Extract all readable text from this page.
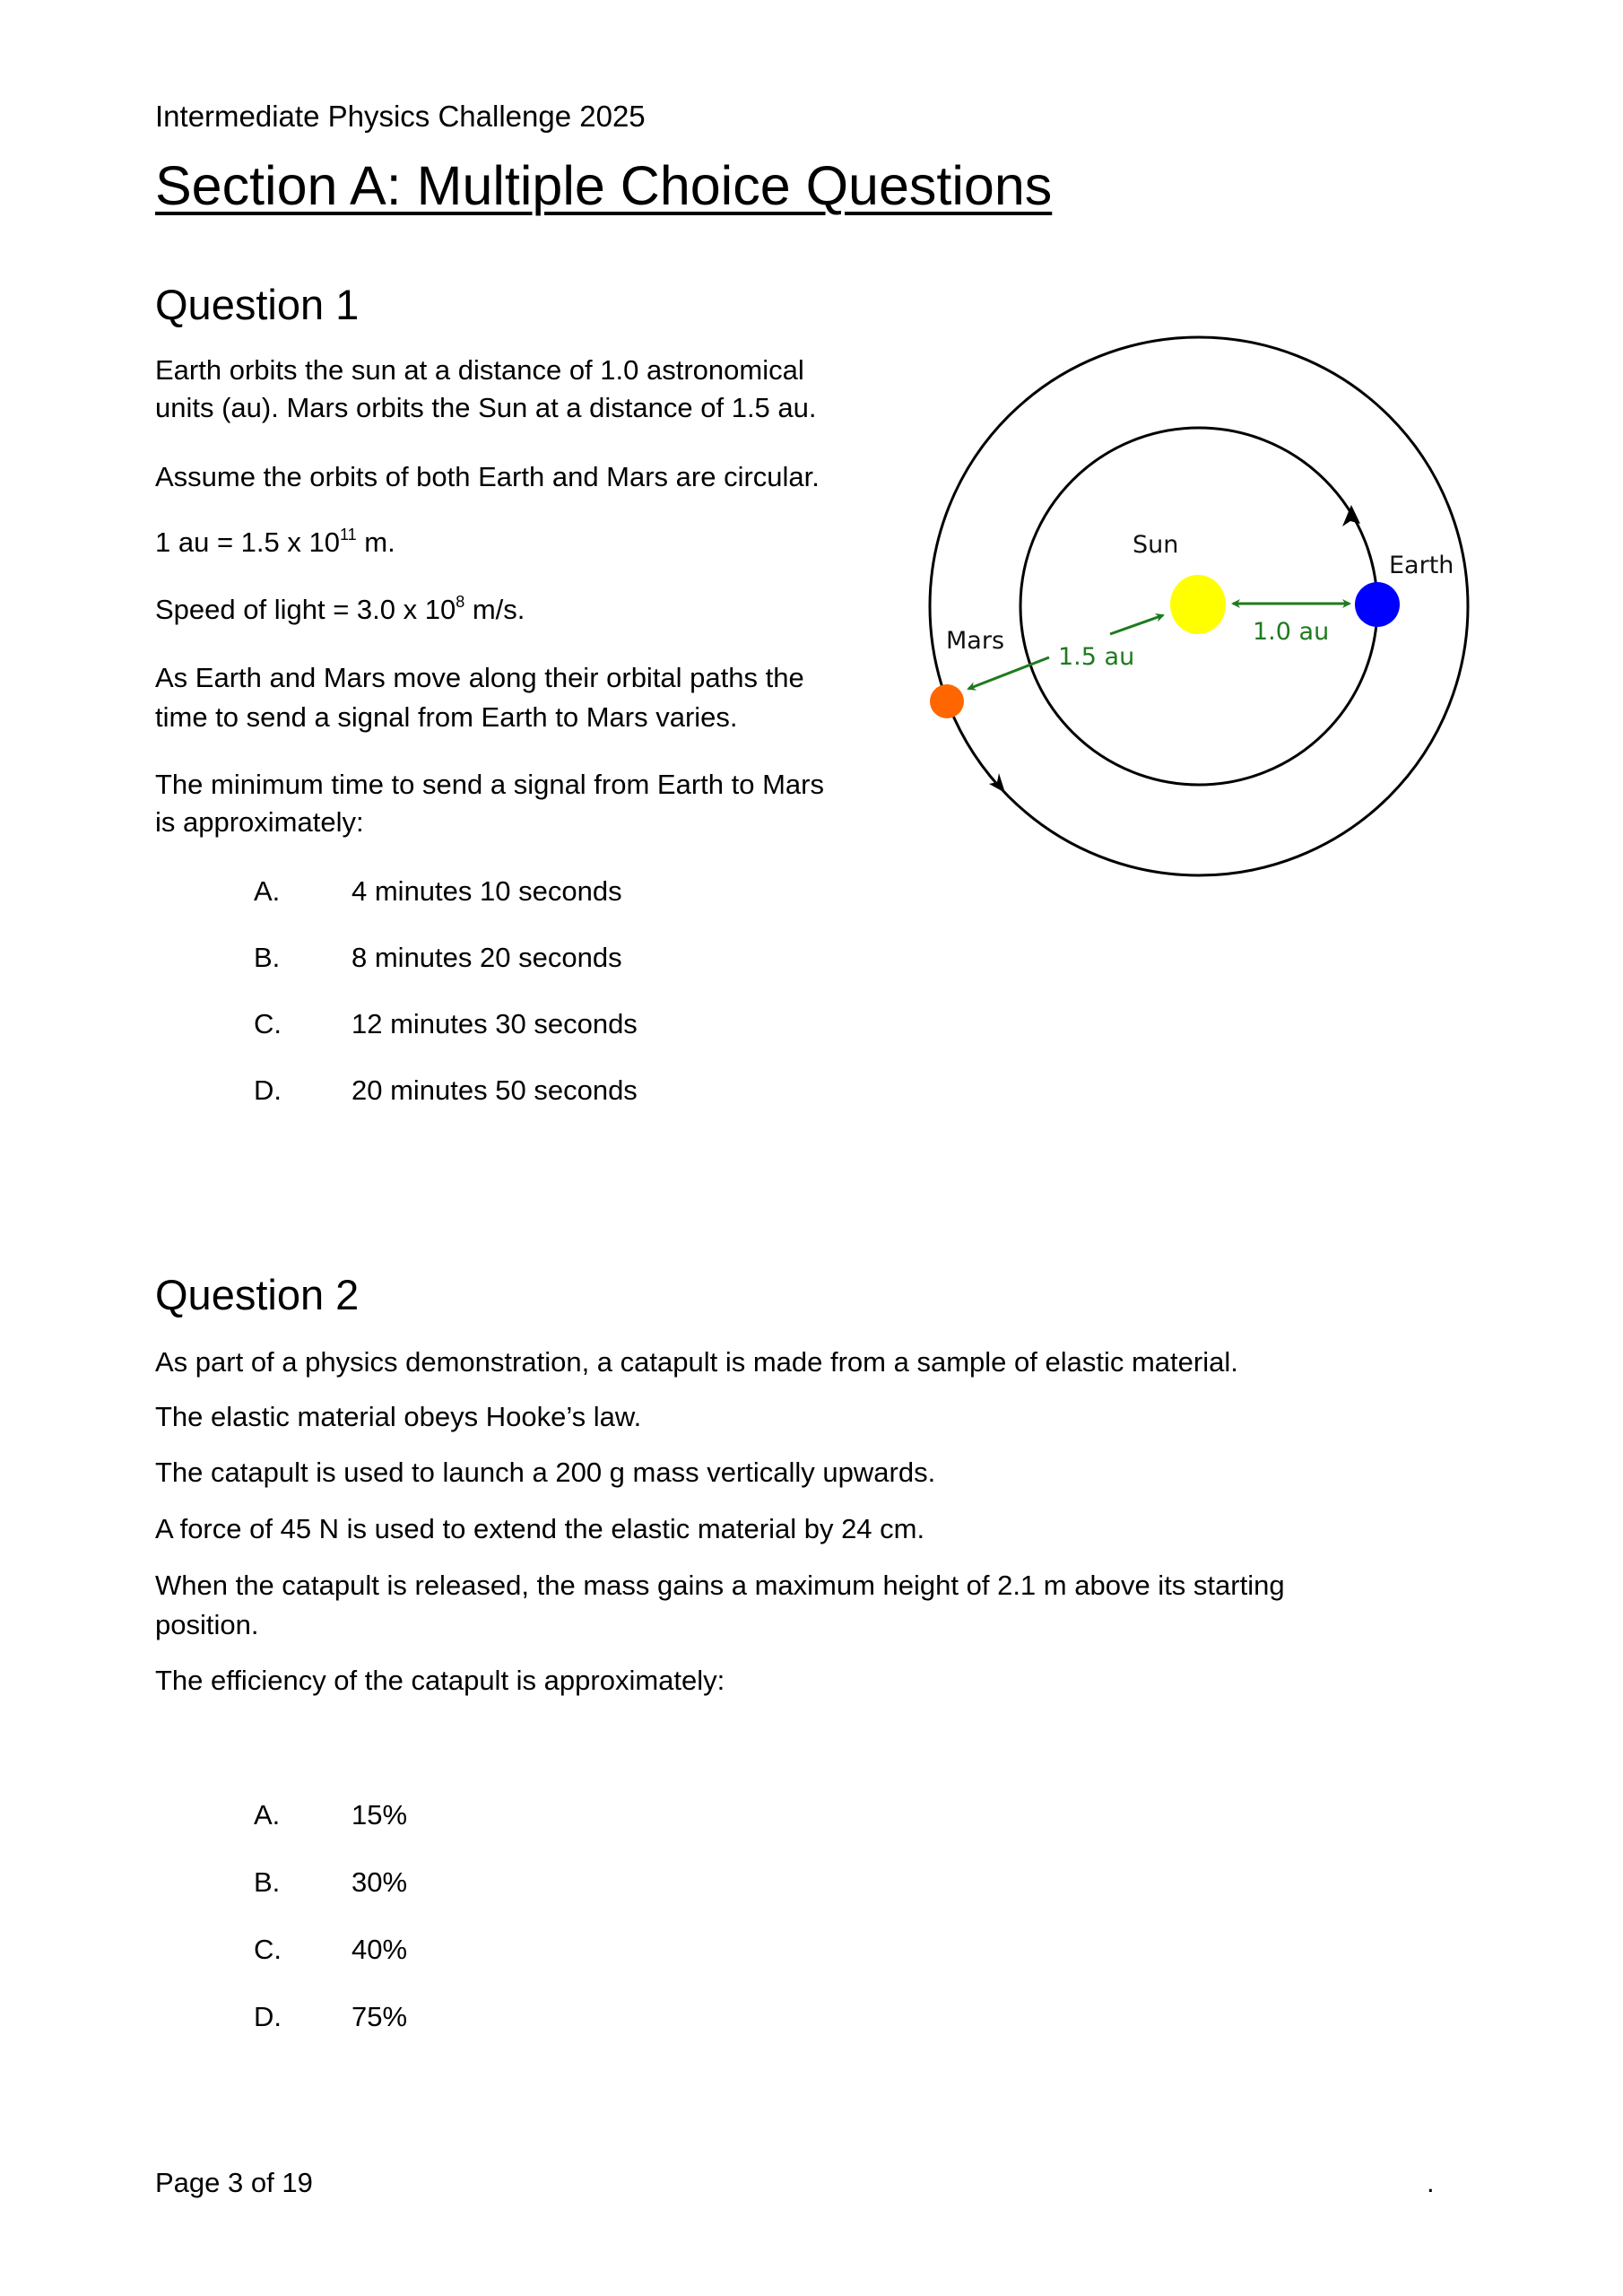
Intermediate Physics Challenge 2025
Section A: Multiple Choice Questions
Question 1
Earth orbits the sun at a distance of 1.0 astronomical
units (au). Mars orbits the Sun at a distance of 1.5 au.
Assume the orbits of both Earth and Mars are circular.
1 au = 1.5 x $10^{11}$ m.
Speed of light = 3.0 x $10^8$ m/s.
As Earth and Mars move along their orbital paths the
time to send a signal from Earth to Mars varies.
The minimum time to send a signal from Earth to Mars
is approximately:
A.	4 minutes 10 seconds
B.	8 minutes 20 seconds
C.	12 minutes 30 seconds
D.	20 minutes 50 seconds
Sun
Earth
Mars	1.0 au
1.5 au
Question 2
As part of a physics demonstration, a catapult is made from a sample of elastic material.
The elastic material obeys Hooke’s law.
The catapult is used to launch a 200 g mass vertically upwards.
A force of 45 N is used to extend the elastic material by 24 cm.
When the catapult is released, the mass gains a maximum height of 2.1 m above its starting
position.
The efficiency of the catapult is approximately:
A.	15%
B.	30%
C.	40%
D.	75%
Page 3 of 19	.
